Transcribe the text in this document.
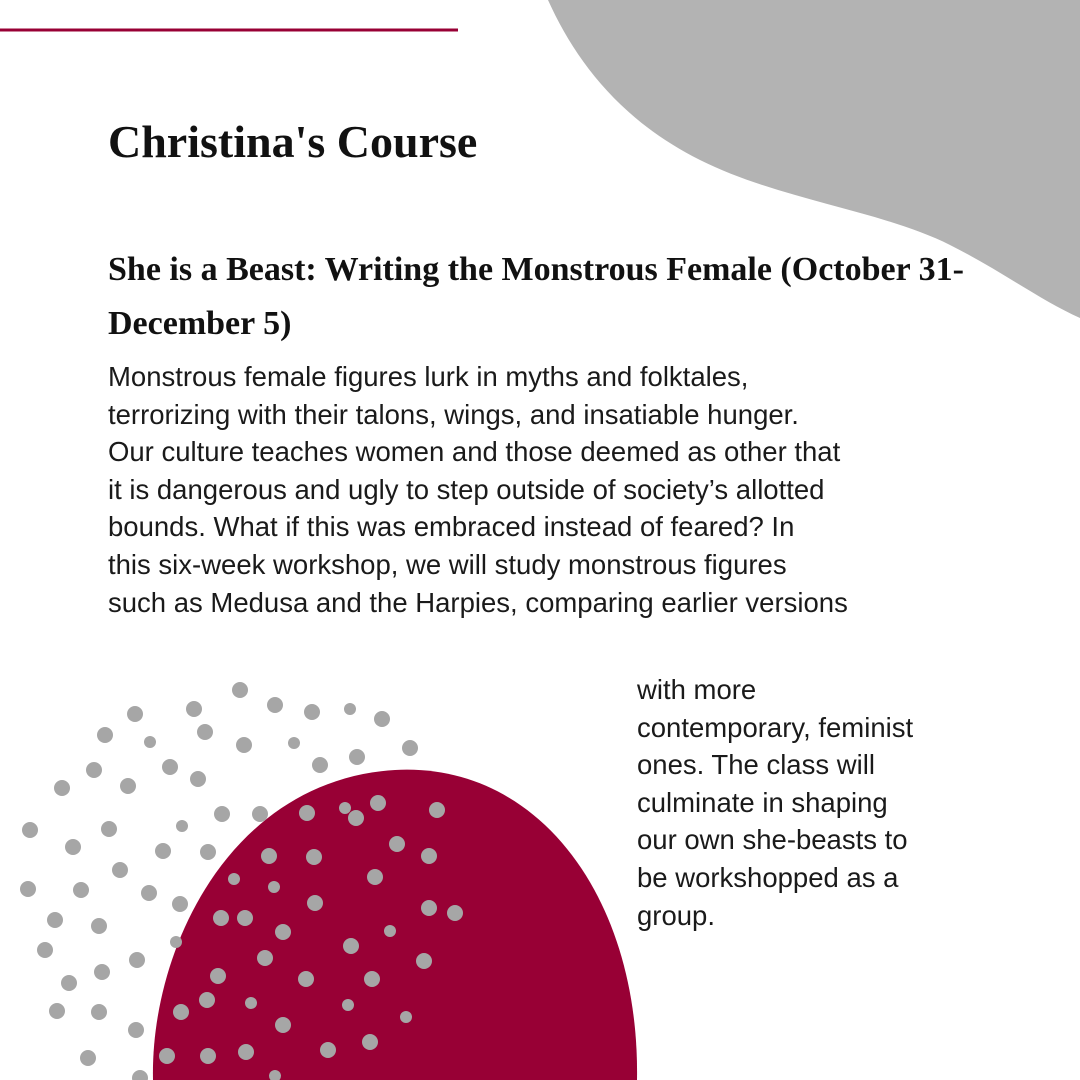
Christina's Course
She is a Beast: Writing the Monstrous Female (October 31-December 5)
Monstrous female figures lurk in myths and folktales,
terrorizing with their talons, wings, and insatiable hunger.
Our culture teaches women and those deemed as other that
it is dangerous and ugly to step outside of society’s allotted
bounds. What if this was embraced instead of feared? In
this six-week workshop, we will study monstrous figures
such as Medusa and the Harpies, comparing earlier versions
with more
contemporary, feminist
ones. The class will
culminate in shaping
our own she-beasts to
be workshopped as a
group.
